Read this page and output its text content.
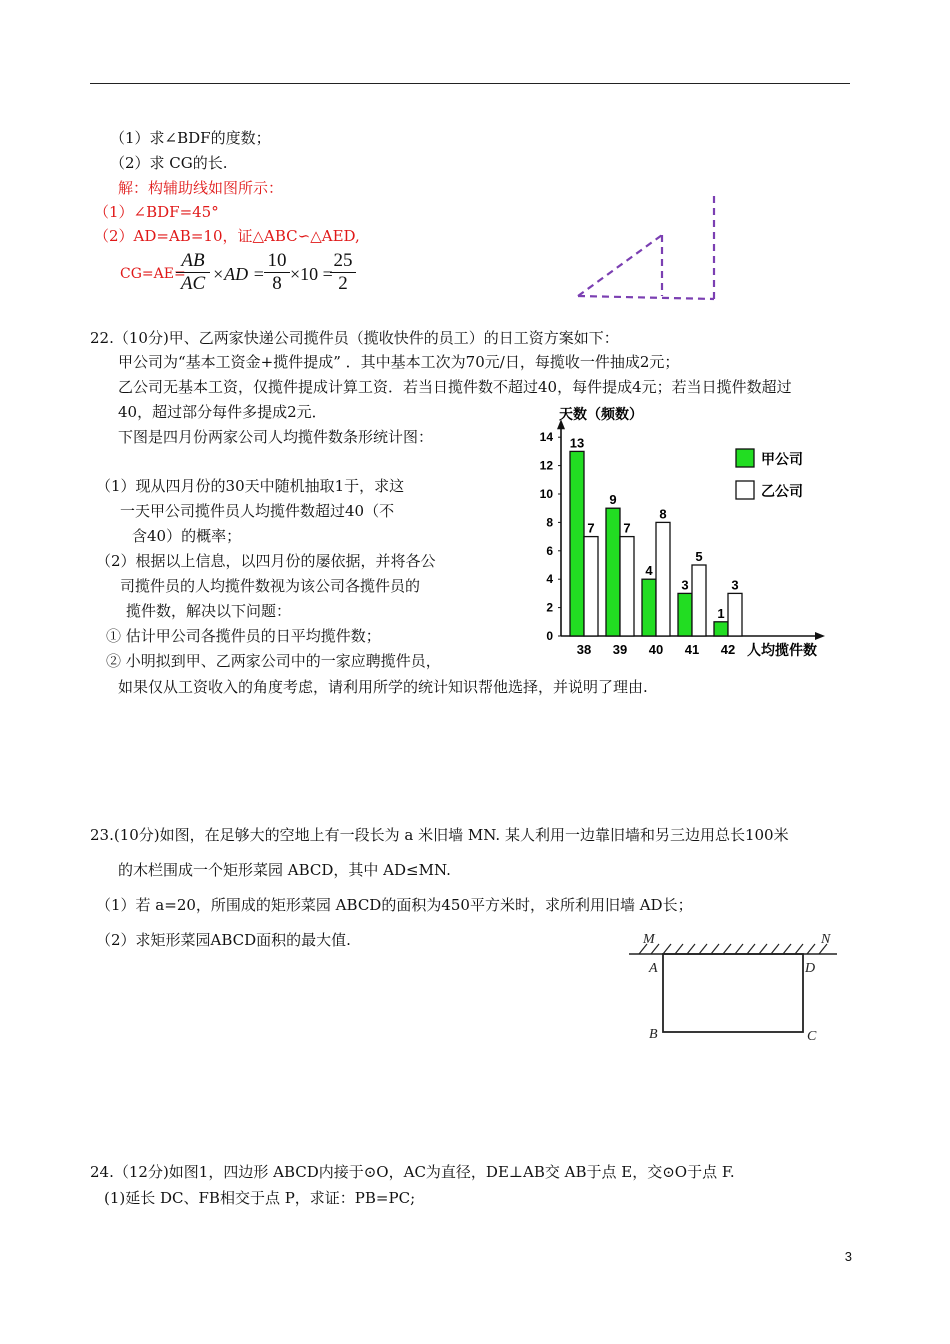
（1）求∠BDF的度数；
（2）求 CG的长.
解：构辅助线如图所示：
（1）∠BDF=45°
（2）AD=AB=10，证△ABC∽△AED,
CG=AE=
$\frac{AB}{AC} \times AD = \frac{10}{8} \times 10$ =
$\frac{25}{2}$
22.（10分)甲、乙两家快递公司揽件员（揽收快件的员工）的日工资方案如下：
甲公司为“基本工资金+揽件提成” ．其中基本工次为70元/日，每揽收一件抽成2元；
乙公司无基本工资，仅揽件提成计算工资．若当日揽件数不超过40，每件提成4元；若当日揽件数超过
40，超过部分每件多提成2元．
下图是四月份两家公司人均揽件数条形统计图：
（1）现从四月份的30天中随机抽取1于，求这
一天甲公司揽件员人均揽件数超过40（不
含40）的概率；
（2）根据以上信息，以四月份的屡依据，并将各公
司揽件员的人均揽件数视为该公司各揽件员的
揽件数，解决以下问题：
① 估计甲公司各揽件员的日平均揽件数；
② 小明拟到甲、乙两家公司中的一家应聘揽件员，
如果仅从工资收入的角度考虑，请利用所学的统计知识帮他选择，并说明了理由.
0
2
4
6
8
10
12
14
天数（频数）
13
7
38
9
7
39
4
8
40
3
5
41
1
3
42 人均揽件数
甲公司
乙公司
23.(10分)如图，在足够大的空地上有一段长为 a 米旧墙 MN. 某人利用一边靠旧墙和另三边用总长100米
的木栏围成一个矩形菜园 ABCD，其中 AD≤MN.
（1）若 a=20，所围成的矩形菜园 ABCD的面积为450平方米时，求所利用旧墙 AD长；
（2）求矩形菜园ABCD面积的最大值.	M	N
A	D
B	C
24.（12分)如图1，四边形 ABCD内接于⊙O，AC为直径，DE⊥AB交 AB于点 E，交⊙O于点 F.
(1)延长 DC、FB相交于点 P，求证：PB=PC;
3
